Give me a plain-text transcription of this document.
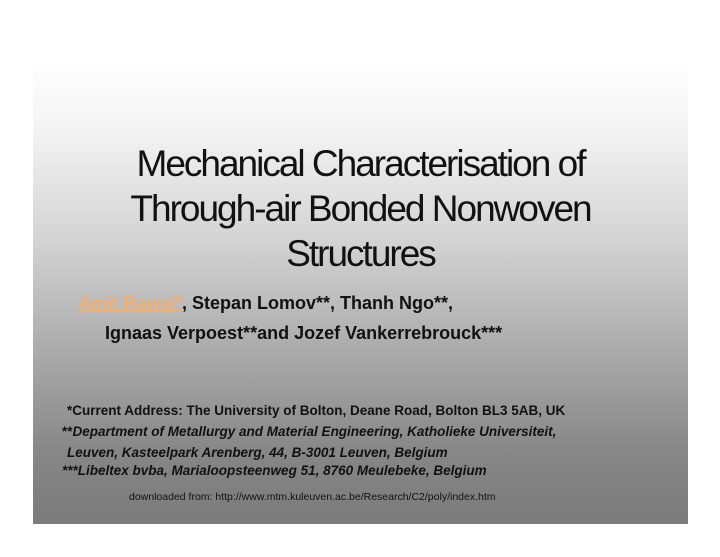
Mechanical Characterisation of
Through-air Bonded Nonwoven
Structures
Amit Rawal*, Stepan Lomov**, Thanh Ngo**,
Ignaas Verpoest**and Jozef Vankerrebrouck***
*Current Address: The University of Bolton, Deane Road, Bolton BL3 5AB, UK
**Department of Metallurgy and Material Engineering, Katholieke Universiteit,
Leuven, Kasteelpark Arenberg, 44, B-3001 Leuven, Belgium
***Libeltex bvba, Marialoopsteenweg 51, 8760 Meulebeke, Belgium
downloaded from: http://www.mtm.kuleuven.ac.be/Research/C2/poly/index.htm
